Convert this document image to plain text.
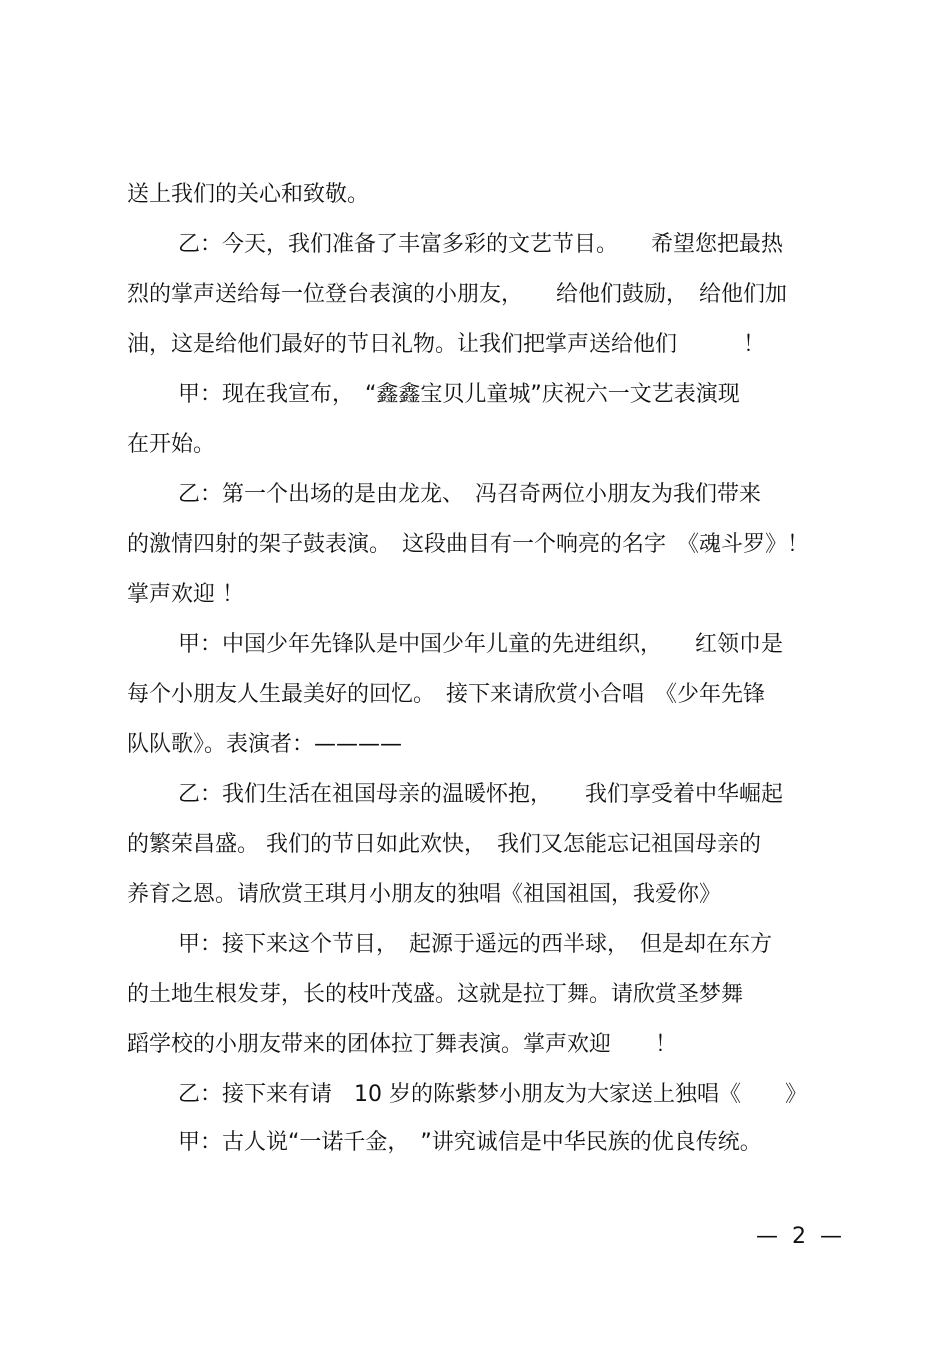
送上我们的关心和致敬。
乙：今天，我们准备了丰富多彩的文艺节目。　　希望您把最热
烈的掌声送给每一位登台表演的小朋友，　　给他们鼓励，　给他们加
油，这是给他们最好的节日礼物。让我们把掌声送给他们　　　！
甲：现在我宣布，　“鑫鑫宝贝儿童城”庆祝六一文艺表演现
在开始。
乙：第一个出场的是由龙龙、　冯召奇两位小朋友为我们带来
的激情四射的架子鼓表演。　这段曲目有一个响亮的名字　《魂斗罗》！
掌声欢迎 ！
甲：中国少年先锋队是中国少年儿童的先进组织，　　红领巾是
每个小朋友人生最美好的回忆。　接下来请欣赏小合唱　《少年先锋
队队歌》。表演者：————
乙：我们生活在祖国母亲的温暖怀抱，　　我们享受着中华崛起
的繁荣昌盛。 我们的节日如此欢快，　我们又怎能忘记祖国母亲的
养育之恩。请欣赏王琪月小朋友的独唱《祖国祖国，我爱你》
甲：接下来这个节目，　起源于遥远的西半球，　但是却在东方
的土地生根发芽，长的枝叶茂盛。这就是拉丁舞。请欣赏圣梦舞
蹈学校的小朋友带来的团体拉丁舞表演。掌声欢迎　　！
乙：接下来有请　10 岁的陈紫梦小朋友为大家送上独唱《　　》
甲：古人说“一诺千金，　”讲究诚信是中华民族的优良传统。
—  2  —
